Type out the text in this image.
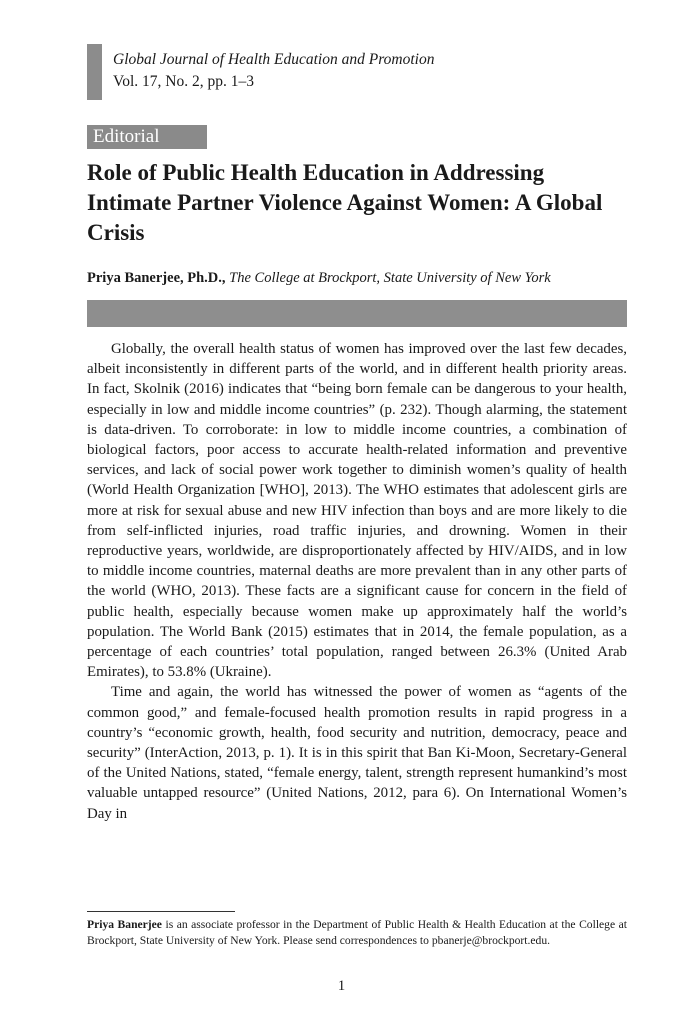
Global Journal of Health Education and Promotion
Vol. 17, No. 2, pp. 1–3
Editorial
Role of Public Health Education in Addressing Intimate Partner Violence Against Women: A Global Crisis
Priya Banerjee, Ph.D., The College at Brockport, State University of New York

Globally, the overall health status of women has improved over the last few decades, albeit inconsistently in different parts of the world, and in different health priority areas. In fact, Skolnik (2016) indicates that “being born female can be dangerous to your health, especially in low and middle income countries” (p. 232). Though alarming, the statement is data-driven. To corroborate: in low to middle income countries, a combination of biological factors, poor access to accurate health-related information and preventive services, and lack of social power work together to diminish women’s quality of health (World Health Organization [WHO], 2013). The WHO estimates that adolescent girls are more at risk for sexual abuse and new HIV infection than boys and are more likely to die from self-inflicted injuries, road traffic injuries, and drowning. Women in their reproductive years, worldwide, are disproportionately affected by HIV/AIDS, and in low to middle income countries, maternal deaths are more prevalent than in any other parts of the world (WHO, 2013). These facts are a significant cause for concern in the field of public health, especially because women make up approximately half the world’s population. The World Bank (2015) estimates that in 2014, the female population, as a percentage of each countries’ total population, ranged between 26.3% (United Arab Emirates), to 53.8% (Ukraine).

Time and again, the world has witnessed the power of women as “agents of the common good,” and female-focused health promotion results in rapid progress in a country’s “economic growth, health, food security and nutrition, democracy, peace and security” (InterAction, 2013, p. 1). It is in this spirit that Ban Ki-Moon, Secretary-General of the United Nations, stated, “female energy, talent, strength represent humankind’s most valuable untapped resource” (United Nations, 2012, para 6). On International Women’s Day in

Priya Banerjee is an associate professor in the Department of Public Health & Health Education at the College at Brockport, State University of New York. Please send correspondences to pbanerje@brockport.edu.
1
